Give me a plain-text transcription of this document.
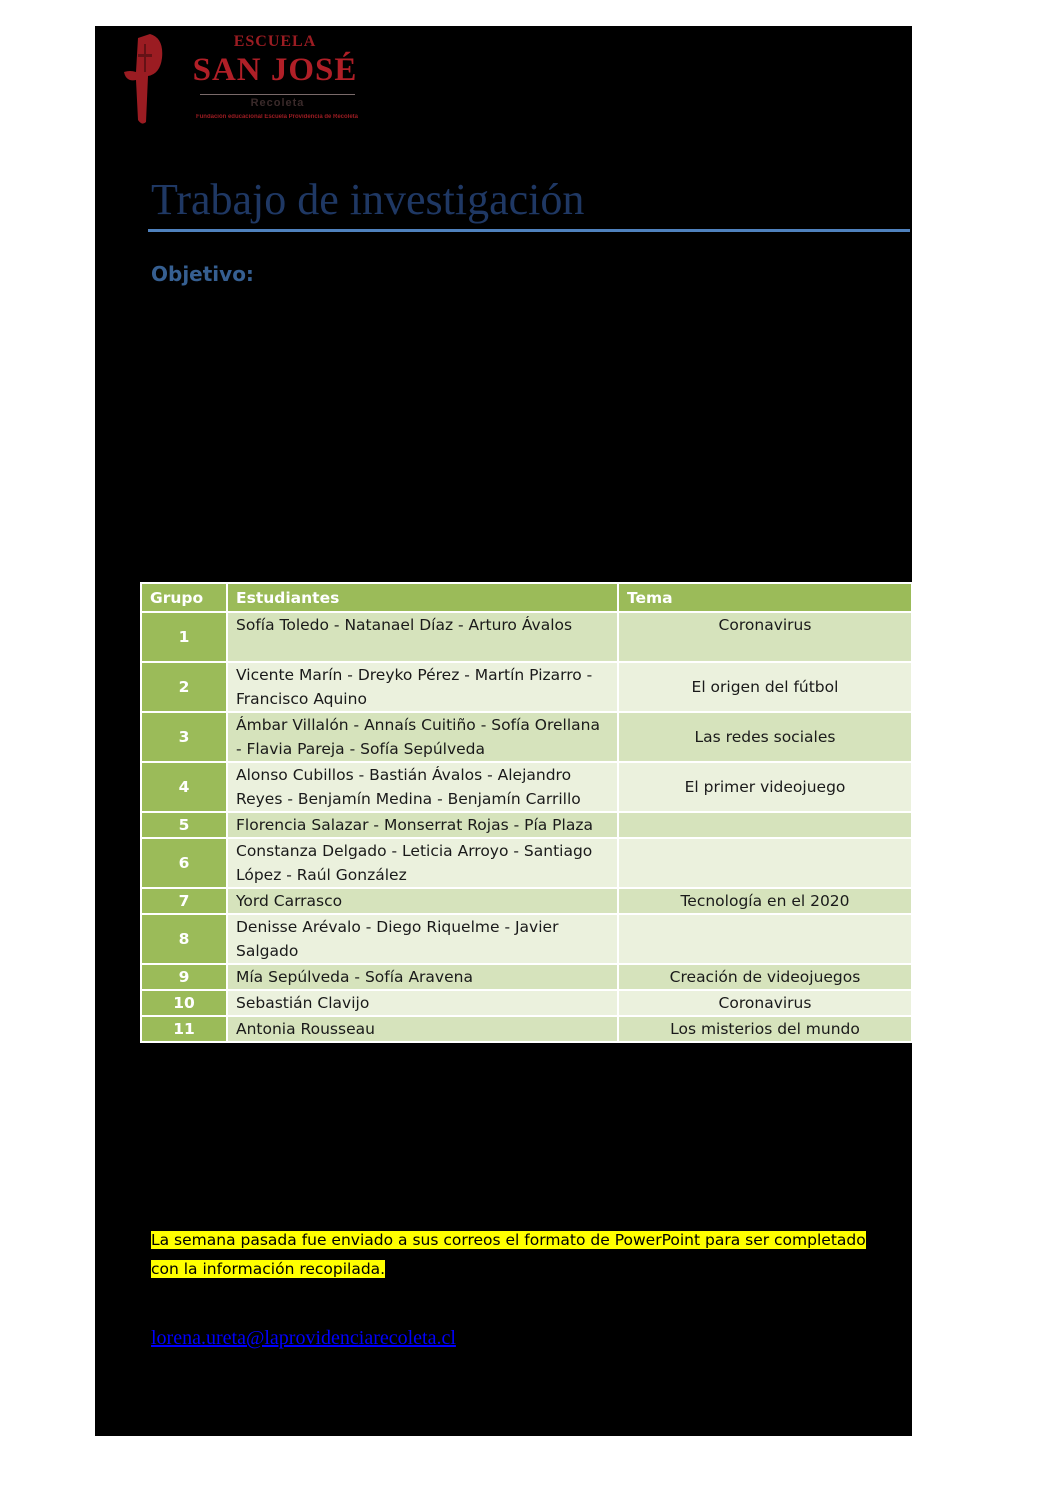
ESCUELA
SAN JOSÉ
Recoleta
Fundación educacional Escuela Providencia de Recoleta
Trabajo de investigación
Objetivo:
Grupo	Estudiantes	Tema
1	Sofía Toledo - Natanael Díaz - Arturo Ávalos	Coronavirus
2	Vicente Marín - Dreyko Pérez - Martín Pizarro - Francisco Aquino	El origen del fútbol
3	Ámbar Villalón - Annaís Cuitiño - Sofía Orellana - Flavia Pareja - Sofía Sepúlveda	Las redes sociales
4	Alonso Cubillos - Bastián Ávalos - Alejandro Reyes - Benjamín Medina - Benjamín Carrillo	El primer videojuego
5	Florencia Salazar - Monserrat Rojas - Pía Plaza	
6	Constanza Delgado - Leticia Arroyo - Santiago López - Raúl González	
7	Yord Carrasco	Tecnología en el 2020
8	Denisse Arévalo - Diego Riquelme - Javier Salgado	
9	Mía Sepúlveda - Sofía Aravena	Creación de videojuegos
10	Sebastián Clavijo	Coronavirus
11	Antonia Rousseau	Los misterios del mundo
La semana pasada fue enviado a sus correos el formato de PowerPoint para ser completado
con la información recopilada.
lorena.ureta@laprovidenciarecoleta.cl
